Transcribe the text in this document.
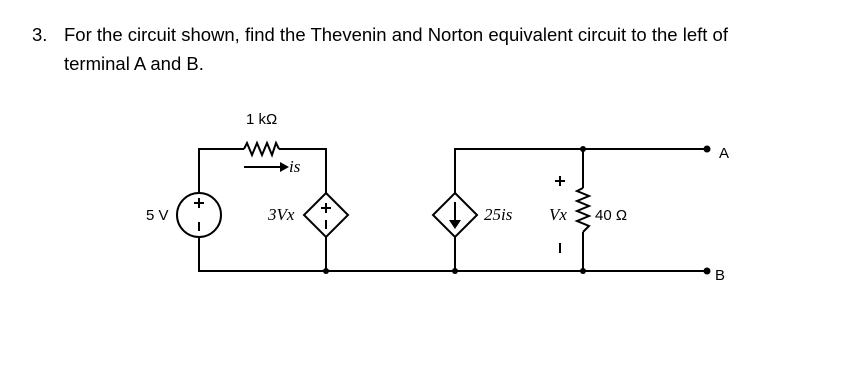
3. For the circuit shown, find the Thevenin and Norton equivalent circuit to the left of
terminal A and B.
1 kΩ
is
5 V	3Vx	25is Vx 40 Ω
A
B
